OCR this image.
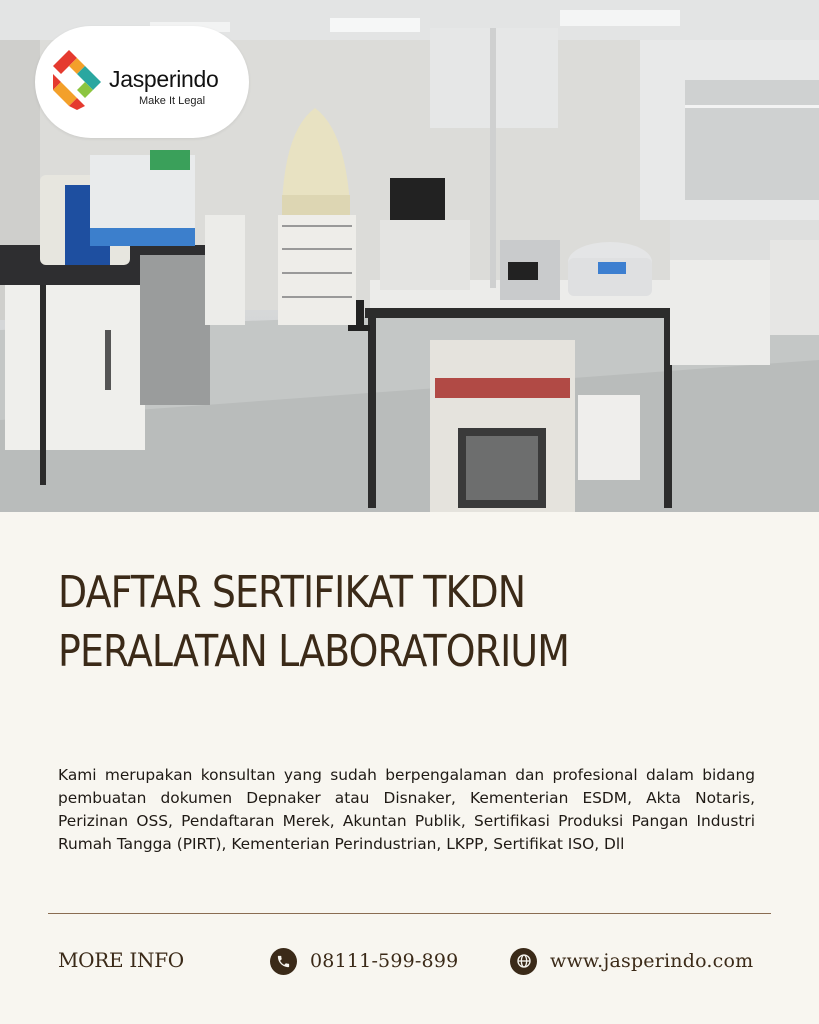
Jasperindo
Make It Legal
DAFTAR SERTIFIKAT TKDN
PERALATAN LABORATORIUM

Kami merupakan konsultan yang sudah berpengalaman dan profesional dalam bidang pembuatan dokumen Depnaker atau Disnaker, Kementerian ESDM, Akta Notaris, Perizinan OSS, Pendaftaran Merek, Akuntan Publik, Sertifikasi Produksi Pangan Industri Rumah Tangga (PIRT), Kementerian Perindustrian, LKPP, Sertifikat ISO, Dll

MORE INFO	08111-599-899	www.jasperindo.com
